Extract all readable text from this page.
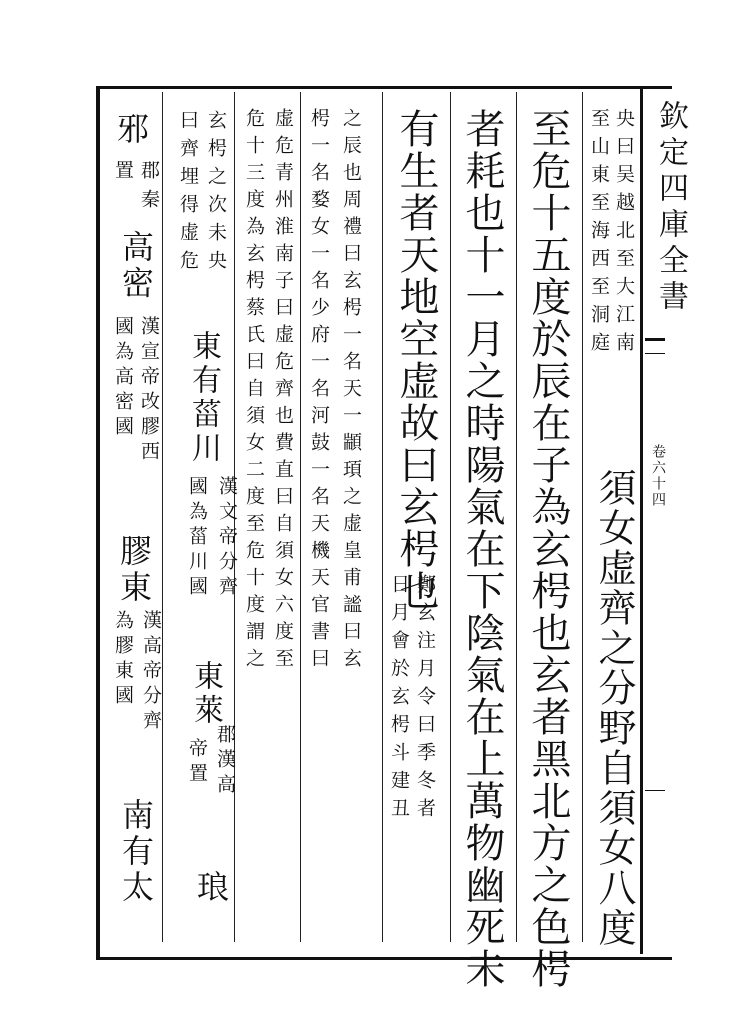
欽定四庫全書
卷六十四
央曰吴越北至大江南
至山東至海西至洞庭
須女虚齊之分野自須女八度
至危十五度於辰在子為玄枵也玄者黑北方之色枵
者耗也十一月之時陽氣在下陰氣在上萬物幽死未
有生者天地空虚故曰玄枵也
鄭玄注月令曰季冬者
日月會於玄枵斗建丑
之辰也周禮曰玄枵一名天一顓頊之虚皇甫謐曰玄
枵一名婺女一名少府一名河鼓一名天機天官書曰
虚危青州淮南子曰虚危齊也費直曰自須女六度至
危十三度為玄枵蔡氏曰自須女二度至危十度謂之
玄枵之次未央
曰齊埋得虚危
東有菑川
漢文帝分齊
國為菑川國
東萊
郡漢高
帝置
琅
邪
郡秦
置
高密
漢宣帝改膠西
國為高密國
膠東
漢高帝分齊
為膠東國
南有太
